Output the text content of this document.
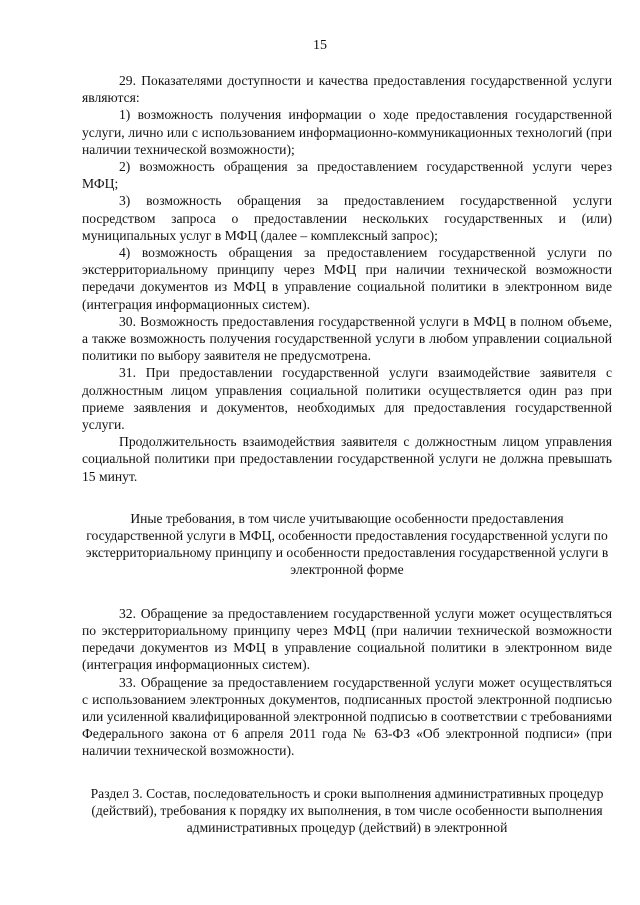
15

29. Показателями доступности и качества предоставления государственной услуги являются:

1) возможность получения информации о ходе предоставления государственной услуги, лично или с использованием информационно-коммуникационных технологий (при наличии технической возможности);

2) возможность обращения за предоставлением государственной услуги через МФЦ;

3) возможность обращения за предоставлением государственной услуги посредством запроса о предоставлении нескольких государственных и (или) муниципальных услуг в МФЦ (далее – комплексный запрос);

4) возможность обращения за предоставлением государственной услуги по экстерриториальному принципу через МФЦ при наличии технической возможности передачи документов из МФЦ в управление социальной политики в электронном виде (интеграция информационных систем).

30. Возможность предоставления государственной услуги в МФЦ в полном объеме, а также возможность получения государственной услуги в любом управлении социальной политики по выбору заявителя не предусмотрена.

31. При предоставлении государственной услуги взаимодействие заявителя с должностным лицом управления социальной политики осуществляется один раз при приеме заявления и документов, необходимых для предоставления государственной услуги.

Продолжительность взаимодействия заявителя с должностным лицом управления социальной политики при предоставлении государственной услуги не должна превышать 15 минут.

Иные требования, в том числе учитывающие особенности предоставления государственной услуги в МФЦ, особенности предоставления государственной услуги по экстерриториальному принципу и особенности предоставления государственной услуги в электронной форме

32. Обращение за предоставлением государственной услуги может осуществляться по экстерриториальному принципу через МФЦ (при наличии технической возможности передачи документов из МФЦ в управление социальной политики в электронном виде (интеграция информационных систем).

33. Обращение за предоставлением государственной услуги может осуществляться с использованием электронных документов, подписанных простой электронной подписью или усиленной квалифицированной электронной подписью в соответствии с требованиями Федерального закона от 6 апреля 2011 года № 63-ФЗ «Об электронной подписи» (при наличии технической возможности).

Раздел 3. Состав, последовательность и сроки выполнения административных процедур (действий), требования к порядку их выполнения, в том числе особенности выполнения административных процедур (действий) в электронной
